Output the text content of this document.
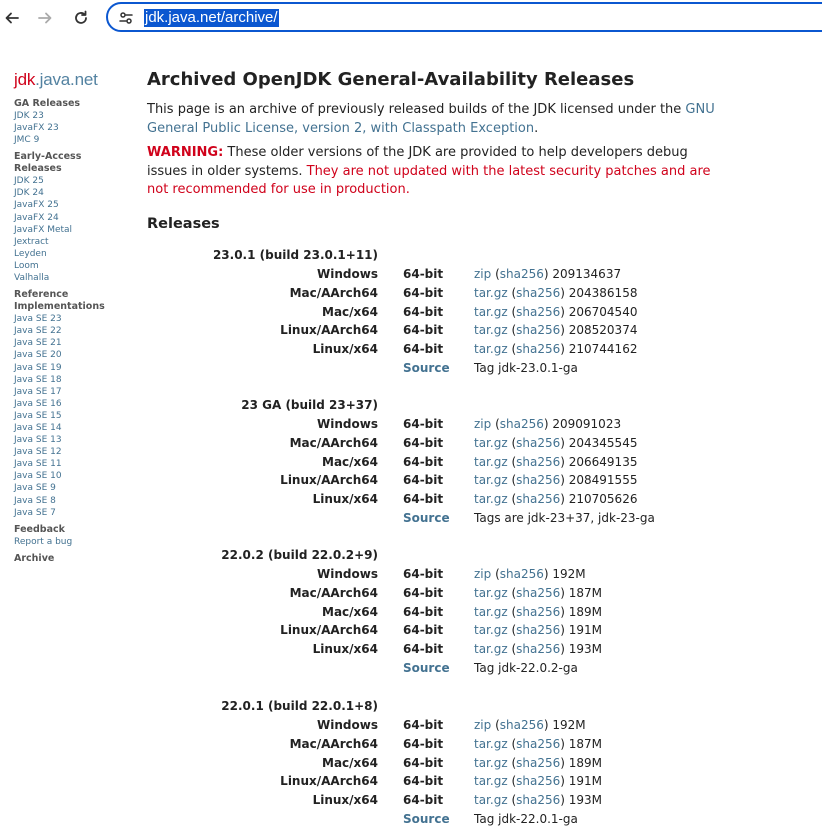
jdk.java.net/archive/
jdk.java.net
GA Releases
JDK 23
JavaFX 23
JMC 9
Early-Access Releases
JDK 25
JDK 24
JavaFX 25
JavaFX 24
JavaFX Metal
Jextract
Leyden
Loom
Valhalla
Reference Implementations
Java SE 23
Java SE 22
Java SE 21
Java SE 20
Java SE 19
Java SE 18
Java SE 17
Java SE 16
Java SE 15
Java SE 14
Java SE 13
Java SE 12
Java SE 11
Java SE 10
Java SE 9
Java SE 8
Java SE 7
Feedback
Report a bug
Archive
Archived OpenJDK General-Availability Releases
This page is an archive of previously released builds of the JDK licensed under the GNU General Public License, version 2, with Classpath Exception.
WARNING: These older versions of the JDK are provided to help developers debug issues in older systems. They are not updated with the latest security patches and are not recommended for use in production.
Releases
23.0.1 (build 23.0.1+11)
Windows 64-bit	zip (sha256) 209134637
Mac/AArch64 64-bit	tar.gz (sha256) 204386158
Mac/x64 64-bit	tar.gz (sha256) 206704540
Linux/AArch64 64-bit	tar.gz (sha256) 208520374
Linux/x64 64-bit	tar.gz (sha256) 210744162
Source Tag jdk-23.0.1-ga
23 GA (build 23+37)
Windows 64-bit	zip (sha256) 209091023
Mac/AArch64 64-bit	tar.gz (sha256) 204345545
Mac/x64 64-bit	tar.gz (sha256) 206649135
Linux/AArch64 64-bit	tar.gz (sha256) 208491555
Linux/x64 64-bit	tar.gz (sha256) 210705626
Source Tags are jdk-23+37, jdk-23-ga
22.0.2 (build 22.0.2+9)
Windows 64-bit	zip (sha256) 192M
Mac/AArch64 64-bit	tar.gz (sha256) 187M
Mac/x64 64-bit	tar.gz (sha256) 189M
Linux/AArch64 64-bit	tar.gz (sha256) 191M
Linux/x64 64-bit	tar.gz (sha256) 193M
Source Tag jdk-22.0.2-ga
22.0.1 (build 22.0.1+8)
Windows 64-bit	zip (sha256) 192M
Mac/AArch64 64-bit	tar.gz (sha256) 187M
Mac/x64 64-bit	tar.gz (sha256) 189M
Linux/AArch64 64-bit	tar.gz (sha256) 191M
Linux/x64 64-bit	tar.gz (sha256) 193M
Source Tag jdk-22.0.1-ga
